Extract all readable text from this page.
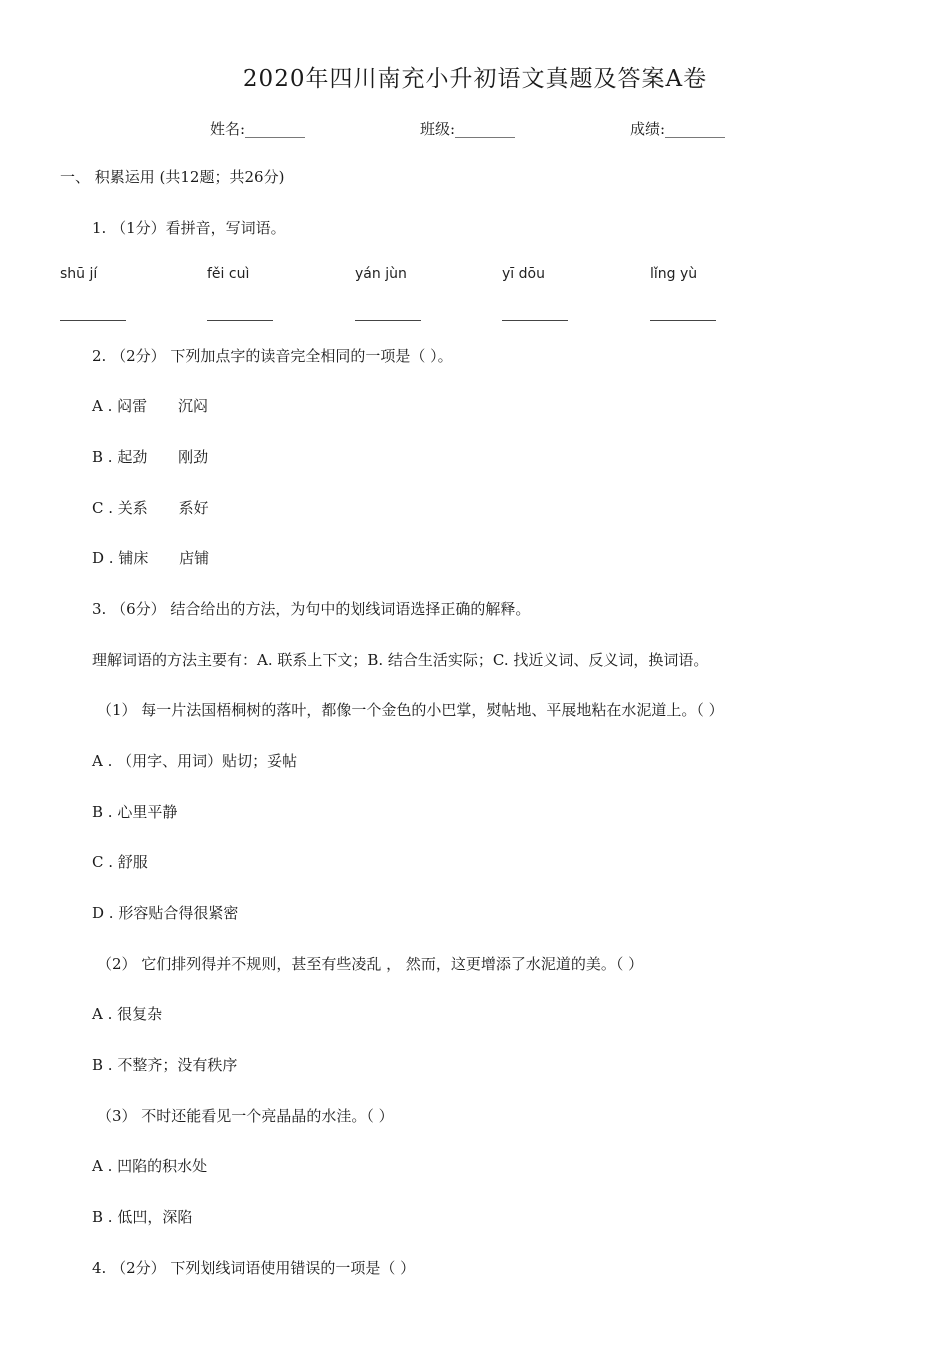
2020年四川南充小升初语文真题及答案A卷
姓名:________	班级:________	成绩:________
一、 积累运用 (共12题；共26分)
1. （1分）看拼音，写词语。
shū jí	fěi cuì	yán jùn	yī dōu	lǐng yù
2. （2分） 下列加点字的读音完全相同的一项是（ ）。
A . 闷雷 沉闷
B . 起劲 刚劲
C . 关系 系好
D . 铺床 店铺
3. （6分） 结合给出的方法，为句中的划线词语选择正确的解释。
理解词语的方法主要有：A. 联系上下文；B. 结合生活实际；C. 找近义词、反义词，换词语。
（1） 每一片法国梧桐树的落叶，都像一个金色的小巴掌，熨帖地、平展地粘在水泥道上。（ ）
A . （用字、用词）贴切；妥帖
B . 心里平静
C . 舒服
D . 形容贴合得很紧密
（2） 它们排列得并不规则，甚至有些凌乱 ， 然而，这更增添了水泥道的美。（ ）
A . 很复杂
B . 不整齐；没有秩序
（3） 不时还能看见一个亮晶晶的水洼。（ ）
A . 凹陷的积水处
B . 低凹，深陷
4. （2分） 下列划线词语使用错误的一项是（ ）
